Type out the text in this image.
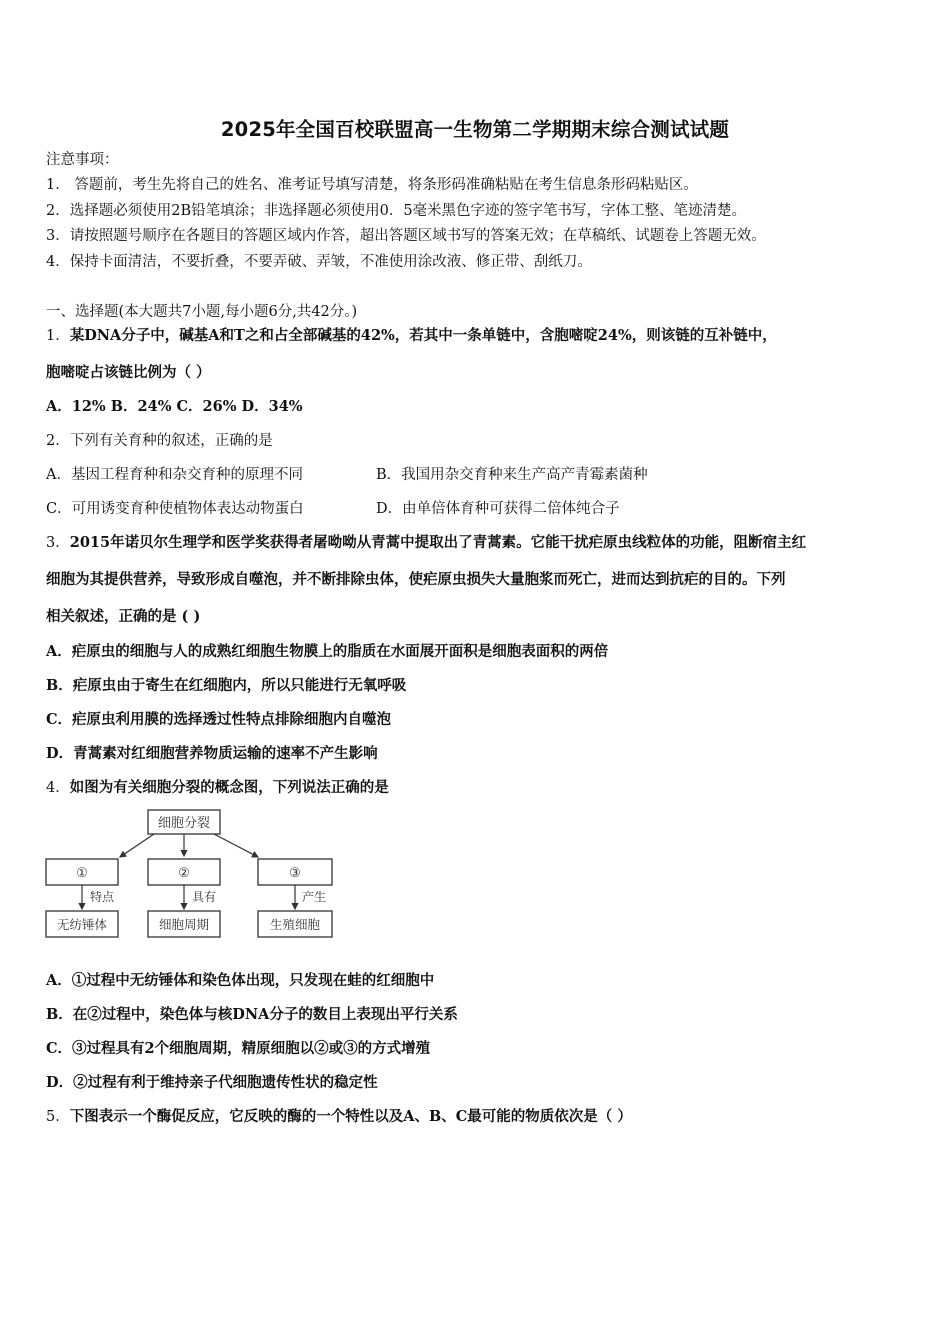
2025年全国百校联盟高一生物第二学期期末综合测试试题
注意事项：
1． 答题前，考生先将自己的姓名、准考证号填写清楚，将条形码准确粘贴在考生信息条形码粘贴区。
2．选择题必须使用2B铅笔填涂；非选择题必须使用0．5毫米黑色字迹的签字笔书写，字体工整、笔迹清楚。
3．请按照题号顺序在各题目的答题区域内作答，超出答题区域书写的答案无效；在草稿纸、试题卷上答题无效。
4．保持卡面清洁，不要折叠，不要弄破、弄皱，不准使用涂改液、修正带、刮纸刀。
一、选择题(本大题共7小题,每小题6分,共42分。)
1．某DNA分子中，碱基A和T之和占全部碱基的42%，若其中一条单链中，含胞嘧啶24%，则该链的互补链中，
胞嘧啶占该链比例为（ ）
A．12% B．24% C．26% D．34%
2．下列有关育种的叙述，正确的是
A．基因工程育种和杂交育种的原理不同	B．我国用杂交育种来生产高产青霉素菌种
C．可用诱变育种使植物体表达动物蛋白	D．由单倍体育种可获得二倍体纯合子
3．2015年诺贝尔生理学和医学奖获得者屠呦呦从青蒿中提取出了青蒿素。它能干扰疟原虫线粒体的功能，阻断宿主红
细胞为其提供营养，导致形成自噬泡，并不断排除虫体，使疟原虫损失大量胞浆而死亡，进而达到抗疟的目的。下列
相关叙述，正确的是 ( )
A．疟原虫的细胞与人的成熟红细胞生物膜上的脂质在水面展开面积是细胞表面积的两倍
B．疟原虫由于寄生在红细胞内，所以只能进行无氧呼吸
C．疟原虫利用膜的选择透过性特点排除细胞内自噬泡
D．青蒿素对红细胞营养物质运输的速率不产生影响
4．如图为有关细胞分裂的概念图，下列说法正确的是
细胞分裂
①	②	③
特点	具有	产生
无纺锤体	细胞周期	生殖细胞
A．①过程中无纺锤体和染色体出现，只发现在蛙的红细胞中
B．在②过程中，染色体与核DNA分子的数目上表现出平行关系
C．③过程具有2个细胞周期，精原细胞以②或③的方式增殖
D．②过程有利于维持亲子代细胞遗传性状的稳定性
5．下图表示一个酶促反应，它反映的酶的一个特性以及A、B、C最可能的物质依次是（ ）
